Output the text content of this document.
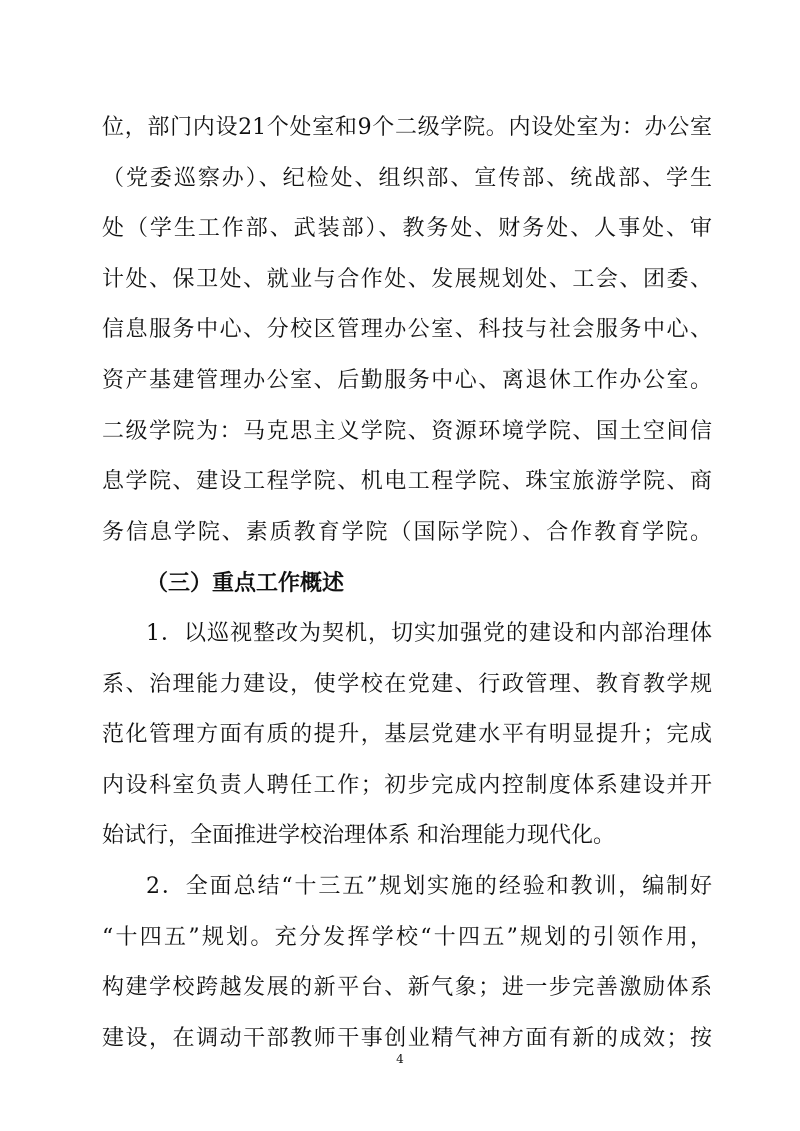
位，部门内设21个处室和9个二级学院。内设处室为：办公室
（党委巡察办）、纪检处、组织部、宣传部、统战部、学生
处（学生工作部、武装部）、教务处、财务处、人事处、审
计处、保卫处、就业与合作处、发展规划处、工会、团委、
信息服务中心、分校区管理办公室、科技与社会服务中心、
资产基建管理办公室、后勤服务中心、离退休工作办公室。
二级学院为：马克思主义学院、资源环境学院、国土空间信
息学院、建设工程学院、机电工程学院、珠宝旅游学院、商
务信息学院、素质教育学院（国际学院）、合作教育学院。
（三）重点工作概述
1．以巡视整改为契机，切实加强党的建设和内部治理体
系、治理能力建设，使学校在党建、行政管理、教育教学规
范化管理方面有质的提升，基层党建水平有明显提升；完成
内设科室负责人聘任工作；初步完成内控制度体系建设并开
始试行，全面推进学校治理体系 和治理能力现代化。
2．全面总结“十三五”规划实施的经验和教训，编制好
“十四五”规划。充分发挥学校“十四五”规划的引领作用，
构建学校跨越发展的新平台、新气象；进一步完善激励体系
4
建设，在调动干部教师干事创业精气神方面有新的成效；按
